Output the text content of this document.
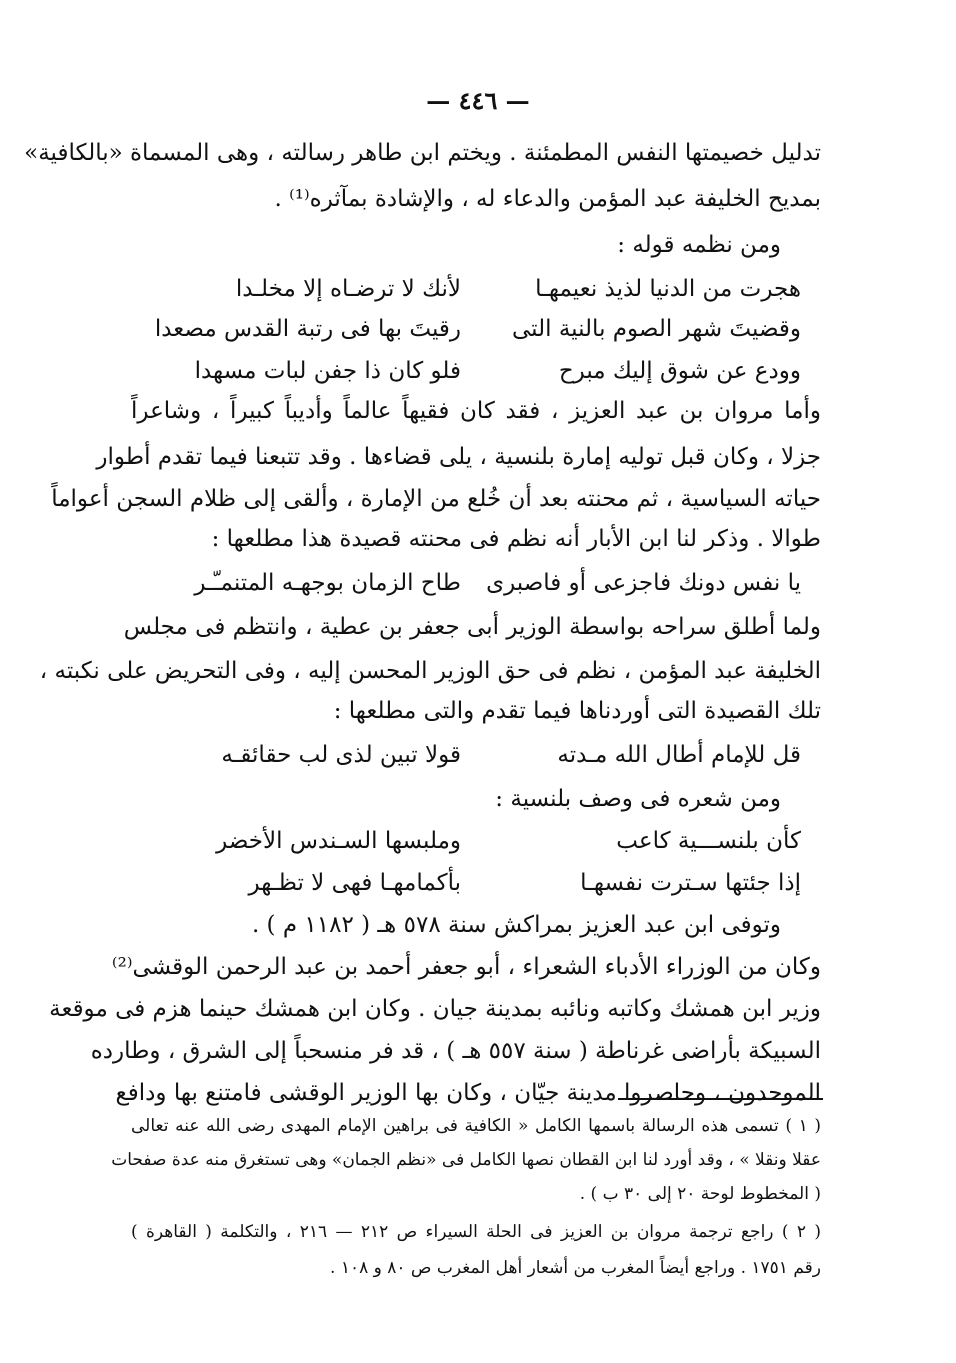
— ٤٤٦ —
تدليل خصيمتها النفس المطمئنة . ويختم ابن طاهر رسالته ، وهى المسماة «بالكافية»
بمديح الخليفة عبد المؤمن والدعاء له ، والإشادة بمآثره⁽¹⁾ .
ومن نظمه قوله :
هجرت من الدنيا لذيذ نعيمهـا
لأنك لا ترضـاه إلا مخلـدا
وقضيتَ شهر الصوم بالنية التى
رقيتَ بها فى رتبة القدس مصعدا
وودع عن شوق إليك مبرح
فلو كان ذا جفن لبات مسهدا
وأما مروان بن عبد العزيز ، فقد كان فقيهاً عالماً وأديباً كبيراً ، وشاعراً
جزلا ، وكان قبل توليه إمارة بلنسية ، يلى قضاءها . وقد تتبعنا فيما تقدم أطوار
حياته السياسية ، ثم محنته بعد أن خُلع من الإمارة ، وألقى إلى ظلام السجن أعواماً
طوالا . وذكر لنا ابن الأبار أنه نظم فى محنته قصيدة هذا مطلعها :
يا نفس دونك فاجزعى أو فاصبرى
طاح الزمان بوجهـه المتنمـّـر
ولما أطلق سراحه بواسطة الوزير أبى جعفر بن عطية ، وانتظم فى مجلس
الخليفة عبد المؤمن ، نظم فى حق الوزير المحسن إليه ، وفى التحريض على نكبته ،
تلك القصيدة التى أوردناها فيما تقدم والتى مطلعها :
قل للإمام أطال الله مـدته
قولا تبين لذى لب حقائقـه
ومن شعره فى وصف بلنسية :
كأن بلنســـية كاعب
وملبسها السـندس الأخضر
إذا جئتها سـترت نفسهـا
بأكمامهـا فهى لا تظـهر
وتوفى ابن عبد العزيز بمراكش سنة ٥٧٨ هـ ( ١١٨٢ م ) .
وكان من الوزراء الأدباء الشعراء ، أبو جعفر أحمد بن عبد الرحمن الوقشى⁽²⁾
وزير ابن همشك وكاتبه ونائبه بمدينة جيان . وكان ابن همشك حينما هزم فى موقعة
السبيكة بأراضى غرناطة ( سنة ٥٥٧ هـ ) ، قد فر منسحباً إلى الشرق ، وطارده
الموحدون ، وحاصروا مدينة جيّان ، وكان بها الوزير الوقشى فامتنع بها ودافع
( ١ ) تسمى هذه الرسالة باسمها الكامل « الكافية فى براهين الإمام المهدى رضى الله عنه تعالى
عقلا ونقلا » ، وقد أورد لنا ابن القطان نصها الكامل فى «نظم الجمان» وهى تستغرق منه عدة صفحات
( المخطوط لوحة ٢٠ إلى ٣٠ ب ) .
( ٢ ) راجع ترجمة مروان بن العزيز فى الحلة السيراء ص ٢١٢ — ٢١٦ ، والتكلمة ( القاهرة )
رقم ١٧٥١ . وراجع أيضاً المغرب من أشعار أهل المغرب ص ٨٠ و ١٠٨ .
